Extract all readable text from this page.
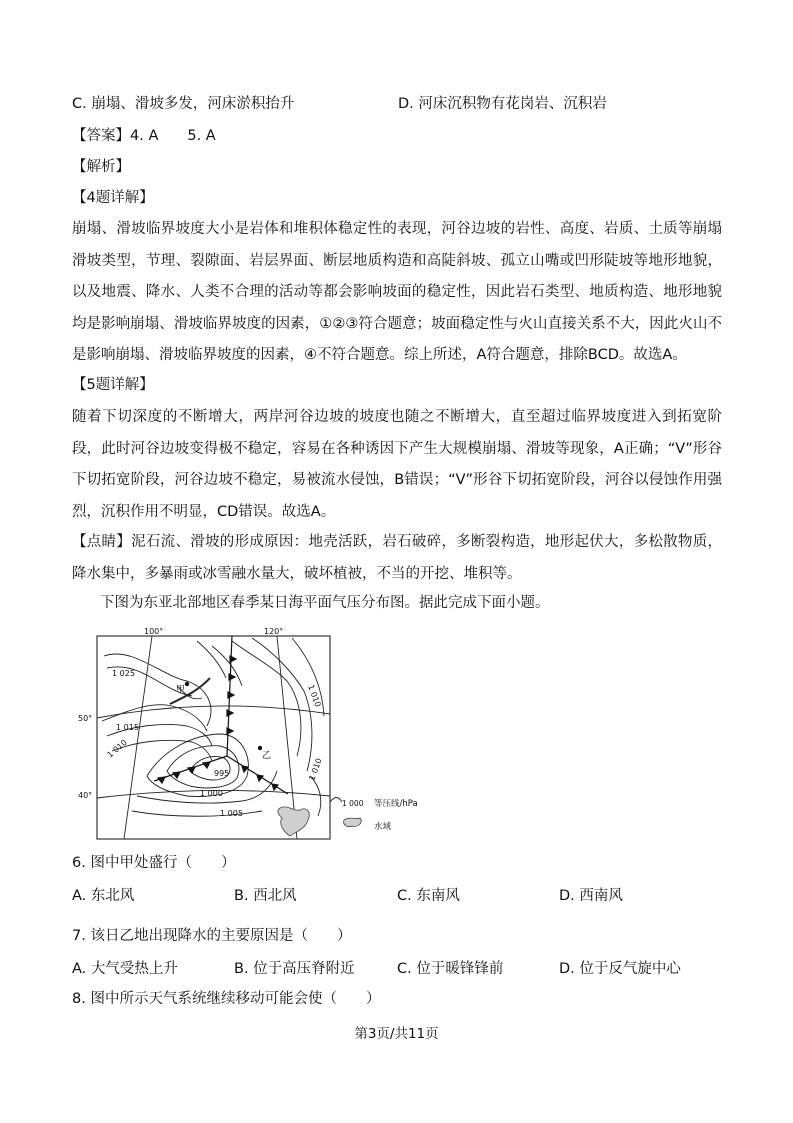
C. 崩塌、滑坡多发，河床淤积抬升	D. 河床沉积物有花岗岩、沉积岩
【答案】4. A　　5. A
【解析】
【4题详解】
崩塌、滑坡临界坡度大小是岩体和堆积体稳定性的表现，河谷边坡的岩性、高度、岩质、土质等崩塌滑坡类型，节理、裂隙面、岩层界面、断层地质构造和高陡斜坡、孤立山嘴或凹形陡坡等地形地貌，以及地震、降水、人类不合理的活动等都会影响坡面的稳定性，因此岩石类型、地质构造、地形地貌均是影响崩塌、滑坡临界坡度的因素，①②③符合题意；坡面稳定性与火山直接关系不大，因此火山不是影响崩塌、滑坡临界坡度的因素，④不符合题意。综上所述，A符合题意，排除BCD。故选A。
【5题详解】
随着下切深度的不断增大，两岸河谷边坡的坡度也随之不断增大，直至超过临界坡度进入到拓宽阶段，此时河谷边坡变得极不稳定，容易在各种诱因下产生大规模崩塌、滑坡等现象，A正确；“V”形谷下切拓宽阶段，河谷边坡不稳定，易被流水侵蚀，B错误；“V”形谷下切拓宽阶段，河谷以侵蚀作用强烈，沉积作用不明显，CD错误。故选A。
【点睛】泥石流、滑坡的形成原因：地壳活跃，岩石破碎，多断裂构造，地形起伏大，多松散物质，降水集中，多暴雨或冰雪融水量大，破坏植被，不当的开挖、堆积等。
下图为东亚北部地区春季某日海平面气压分布图。据此完成下面小题。
100°	120°
50°
40°
1 025
1 015
1 010
995
1 000
1 005
1 010
1 010
甲
乙
1 000 等压线/hPa
水域
6. 图中甲处盛行（　　）
A. 东北风	B. 西北风	C. 东南风	D. 西南风
7. 该日乙地出现降水的主要原因是（　　）
A. 大气受热上升	B. 位于高压脊附近	C. 位于暖锋锋前	D. 位于反气旋中心
8. 图中所示天气系统继续移动可能会使（　　）
第3页/共11页
